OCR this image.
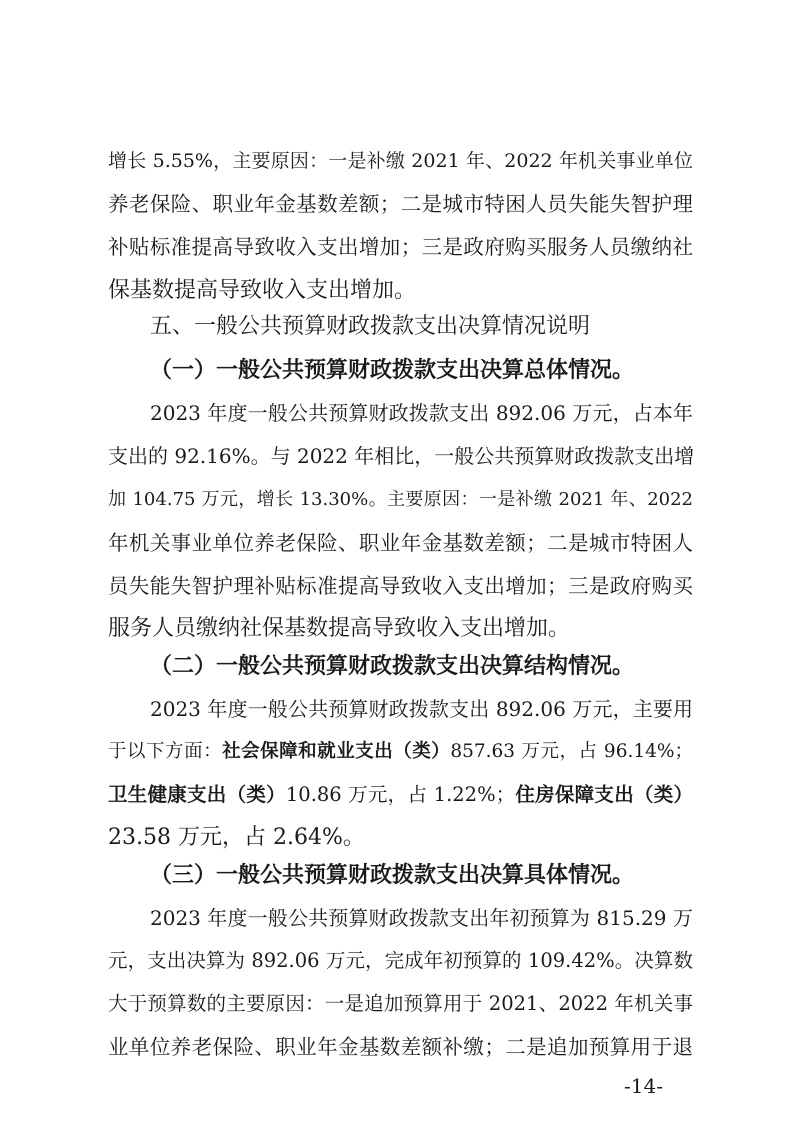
增长 5.55%，主要原因：一是补缴 2021 年、2022 年机关事业单位
养老保险、职业年金基数差额；二是城市特困人员失能失智护理
补贴标准提高导致收入支出增加；三是政府购买服务人员缴纳社
保基数提高导致收入支出增加。
五、一般公共预算财政拨款支出决算情况说明
（一）一般公共预算财政拨款支出决算总体情况。
2023 年度一般公共预算财政拨款支出 892.06 万元，占本年
支出的 92.16%。与 2022 年相比，一般公共预算财政拨款支出增
加 104.75 万元，增长 13.30%。主要原因：一是补缴 2021 年、2022
年机关事业单位养老保险、职业年金基数差额；二是城市特困人
员失能失智护理补贴标准提高导致收入支出增加；三是政府购买
服务人员缴纳社保基数提高导致收入支出增加。
（二）一般公共预算财政拨款支出决算结构情况。
2023 年度一般公共预算财政拨款支出 892.06 万元，主要用
于以下方面：社会保障和就业支出（类）857.63 万元，占 96.14%；
卫生健康支出（类）10.86 万元，占 1.22%；住房保障支出（类）
23.58 万元，占 2.64%。
（三）一般公共预算财政拨款支出决算具体情况。
2023 年度一般公共预算财政拨款支出年初预算为 815.29 万
元，支出决算为 892.06 万元，完成年初预算的 109.42%。决算数
大于预算数的主要原因：一是追加预算用于 2021、2022 年机关事
业单位养老保险、职业年金基数差额补缴；二是追加预算用于退
-14-
